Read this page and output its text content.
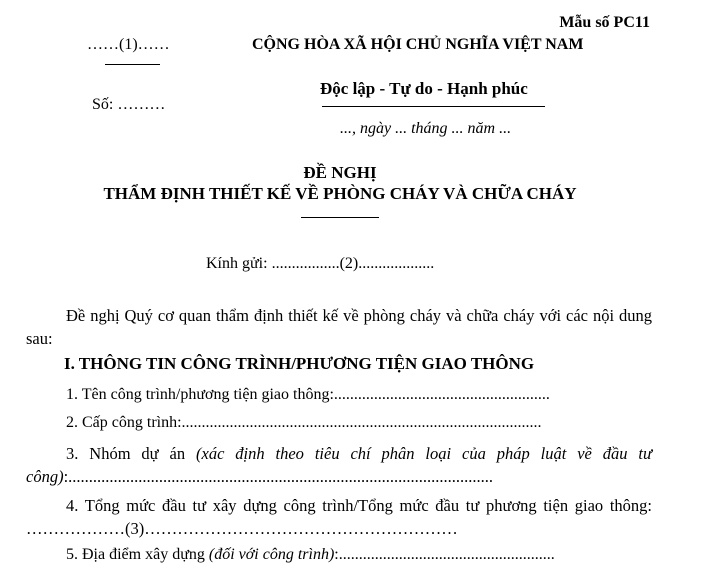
Mẫu số PC11
……(1)……
Số: ………
CỘNG HÒA XÃ HỘI CHỦ NGHĨA VIỆT NAM
Độc lập - Tự do - Hạnh phúc
..., ngày ... tháng ... năm ...
ĐỀ NGHỊ
THẨM ĐỊNH THIẾT KẾ VỀ PHÒNG CHÁY VÀ CHỮA CHÁY
Kính gửi: .................(2)...................
Đề nghị Quý cơ quan thẩm định thiết kế về phòng cháy và chữa cháy với các nội dung sau:
I. THÔNG TIN CÔNG TRÌNH/PHƯƠNG TIỆN GIAO THÔNG
1. Tên công trình/phương tiện giao thông:......................................................
2. Cấp công trình:..........................................................................................
3. Nhóm dự án (xác định theo tiêu chí phân loại của pháp luật về đầu tư công):.......................................................................................................
4. Tổng mức đầu tư xây dựng công trình/Tổng mức đầu tư phương tiện giao thông: ………………(3)…………………………………………………
5. Địa điểm xây dựng (đối với công trình):......................................................
